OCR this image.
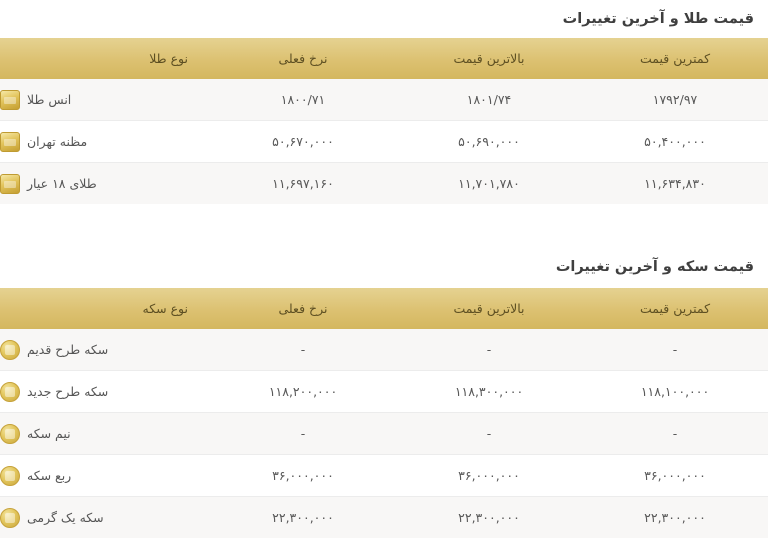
قیمت طلا و آخرین تغییرات
کمترین قیمت	بالاترین قیمت	نرخ فعلی	نوع طلا
۱۷۹۲/۹۷	۱۸۰۱/۷۴	۱۸۰۰/۷۱	انس طلا

۵۰,۴۰۰,۰۰۰	۵۰,۶۹۰,۰۰۰	۵۰,۶۷۰,۰۰۰	مظنه تهران

۱۱,۶۳۴,۸۳۰	۱۱,۷۰۱,۷۸۰	۱۱,۶۹۷,۱۶۰	طلای ۱۸ عیار
قیمت سکه و آخرین تغییرات
کمترین قیمت	بالاترین قیمت	نرخ فعلی	نوع سکه
-	-	-	سکه طرح قدیم

۱۱۸,۱۰۰,۰۰۰	۱۱۸,۳۰۰,۰۰۰	۱۱۸,۲۰۰,۰۰۰	سکه طرح جدید

-	-	-	نیم سکه

۳۶,۰۰۰,۰۰۰	۳۶,۰۰۰,۰۰۰	۳۶,۰۰۰,۰۰۰	ربع سکه

۲۲,۳۰۰,۰۰۰	۲۲,۳۰۰,۰۰۰	۲۲,۳۰۰,۰۰۰	سکه یک گرمی
